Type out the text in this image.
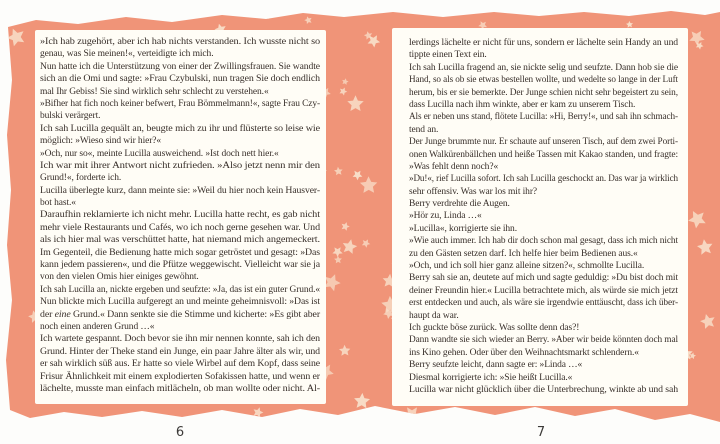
»Ich hab zugehört, aber ich hab nichts verstanden. Ich wusste nicht so
genau, was Sie meinen!«, verteidigte ich mich.
Nun hatte ich die Unterstützung von einer der Zwillingsfrauen. Sie wandte
sich an die Omi und sagte: »Frau Czybulski, nun tragen Sie doch endlich
mal Ihr Gebiss! Sie sind wirklich sehr schlecht zu verstehen.«
»Bifher hat fich noch keiner befwert, Frau Bömmelmann!«, sagte Frau Czy-
bulski verärgert.
Ich sah Lucilla gequält an, beugte mich zu ihr und flüsterte so leise wie
möglich: »Wieso sind wir hier?«
»Och, nur so«, meinte Lucilla ausweichend. »Ist doch nett hier.«
Ich war mit ihrer Antwort nicht zufrieden. »Also jetzt nenn mir den
Grund!«, forderte ich.
Lucilla überlegte kurz, dann meinte sie: »Weil du hier noch kein Hausver-
bot hast.«
Daraufhin reklamierte ich nicht mehr. Lucilla hatte recht, es gab nicht
mehr viele Restaurants und Cafés, wo ich noch gerne gesehen war. Und
als ich hier mal was verschüttet hatte, hat niemand mich angemeckert.
Im Gegenteil, die Bedienung hatte mich sogar getröstet und gesagt: »Das
kann jedem passieren«, und die Pfütze weggewischt. Vielleicht war sie ja
von den vielen Omis hier einiges gewöhnt.
Ich sah Lucilla an, nickte ergeben und seufzte: »Ja, das ist ein guter Grund.«
Nun blickte mich Lucilla aufgeregt an und meinte geheimnisvoll: »Das ist
der eine Grund.« Dann senkte sie die Stimme und kicherte: »Es gibt aber
noch einen anderen Grund …«
Ich wartete gespannt. Doch bevor sie ihn mir nennen konnte, sah ich den
Grund. Hinter der Theke stand ein Junge, ein paar Jahre älter als wir, und
er sah wirklich süß aus. Er hatte so viele Wirbel auf dem Kopf, dass seine
Frisur Ähnlichkeit mit einem explodierten Sofakissen hatte, und wenn er
lächelte, musste man einfach mitlächeln, ob man wollte oder nicht. Al-
lerdings lächelte er nicht für uns, sondern er lächelte sein Handy an und
tippte einen Text ein.
Ich sah Lucilla fragend an, sie nickte selig und seufzte. Dann hob sie die
Hand, so als ob sie etwas bestellen wollte, und wedelte so lange in der Luft
herum, bis er sie bemerkte. Der Junge schien nicht sehr begeistert zu sein,
dass Lucilla nach ihm winkte, aber er kam zu unserem Tisch.
Als er neben uns stand, flötete Lucilla: »Hi, Berry!«, und sah ihn schmach-
tend an.
Der Junge brummte nur. Er schaute auf unseren Tisch, auf dem zwei Porti-
onen Walkürenbällchen und heiße Tassen mit Kakao standen, und fragte:
»Was fehlt denn noch?«
»Du!«, rief Lucilla sofort. Ich sah Lucilla geschockt an. Das war ja wirklich
sehr offensiv. Was war los mit ihr?
Berry verdrehte die Augen.
»Hör zu, Linda …«
»Lucilla«, korrigierte sie ihn.
»Wie auch immer. Ich hab dir doch schon mal gesagt, dass ich mich nicht
zu den Gästen setzen darf. Ich helfe hier beim Bedienen aus.«
»Och, und ich soll hier ganz alleine sitzen?«, schmollte Lucilla.
Berry sah sie an, deutete auf mich und sagte geduldig: »Du bist doch mit
deiner Freundin hier.« Lucilla betrachtete mich, als würde sie mich jetzt
erst entdecken und auch, als wäre sie irgendwie enttäuscht, dass ich über-
haupt da war.
Ich guckte böse zurück. Was sollte denn das?!
Dann wandte sie sich wieder an Berry. »Aber wir beide könnten doch mal
ins Kino gehen. Oder über den Weihnachtsmarkt schlendern.«
Berry seufzte leicht, dann sagte er: »Linda …«
Diesmal korrigierte ich: »Sie heißt Lucilla.«
Lucilla war nicht glücklich über die Unterbrechung, winkte ab und sah
6	7
